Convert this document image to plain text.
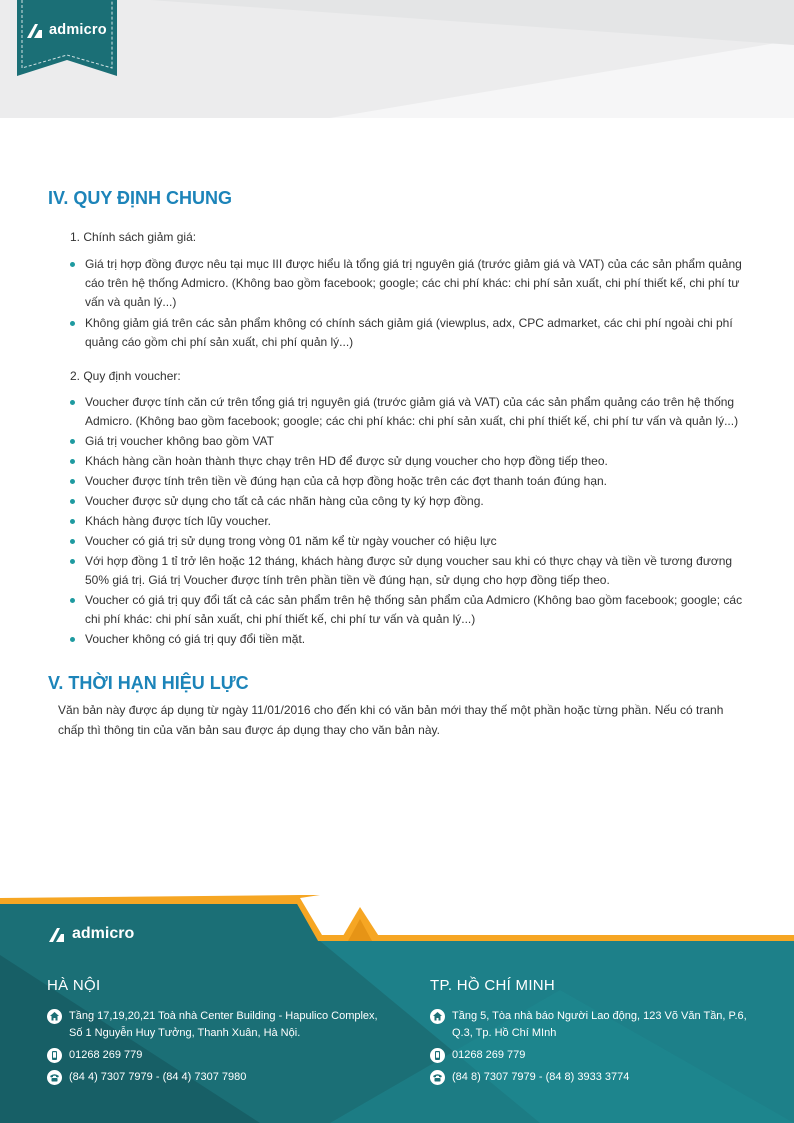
admicro
IV. QUY ĐỊNH CHUNG
1. Chính sách giảm giá:
Giá trị hợp đồng được nêu tại mục III được hiểu là tổng giá trị nguyên giá (trước giảm giá và VAT) của các sản phẩm quảng cáo trên hệ thống Admicro. (Không bao gồm facebook; google; các chi phí khác: chi phí sản xuất, chi phí thiết kế, chi phí tư vấn và quản lý...)
Không giảm giá trên các sản phẩm không có chính sách giảm giá (viewplus, adx, CPC admarket, các chi phí ngoài chi phí quảng cáo gồm chi phí sản xuất, chi phí quản lý...)
2. Quy định voucher:
Voucher được tính căn cứ trên tổng giá trị nguyên giá (trước giảm giá và VAT) của các sản phẩm quảng cáo trên hệ thống Admicro. (Không bao gồm facebook; google; các chi phí khác: chi phí sản xuất, chi phí thiết kế, chi phí tư vấn và quản lý...)
Giá trị voucher không bao gồm VAT
Khách hàng cần hoàn thành thực chạy trên HD để được sử dụng voucher cho hợp đồng tiếp theo.
Voucher được tính trên tiền về đúng hạn của cả hợp đồng hoặc trên các đợt thanh toán đúng hạn.
Voucher được sử dụng cho tất cả các nhãn hàng của công ty ký hợp đồng.
Khách hàng được tích lũy voucher.
Voucher có giá trị sử dụng trong vòng 01 năm kể từ ngày voucher có hiệu lực
Với hợp đồng 1 tỉ trở lên hoặc 12 tháng, khách hàng được sử dụng voucher sau khi có thực chạy và tiền về tương đương 50% giá trị. Giá trị Voucher được tính trên phần tiền về đúng hạn, sử dụng cho hợp đồng tiếp theo.
Voucher có giá trị quy đổi tất cả các sản phẩm trên hệ thống sản phẩm của Admicro (Không bao gồm facebook; google; các chi phí khác: chi phí sản xuất, chi phí thiết kế, chi phí tư vấn và quản lý...)
Voucher không có giá trị quy đổi tiền mặt.
V. THỜI HẠN HIỆU LỰC
Văn bản này được áp dụng từ ngày 11/01/2016 cho đến khi có văn bản mới thay thế một phần hoặc từng phần. Nếu có tranh chấp thì thông tin của văn bản sau được áp dụng thay cho văn bản này.
admicro
HÀ NỘI
Tầng 17,19,20,21 Toà nhà Center Building - Hapulico Complex,
Số 1 Nguyễn Huy Tưởng, Thanh Xuân, Hà Nội.
01268 269 779
(84 4) 7307 7979 - (84 4) 7307 7980
TP. HỒ CHÍ MINH
Tầng 5, Tòa nhà báo Người Lao động, 123 Võ Văn Tần, P.6,
Q.3, Tp. Hồ Chí MInh
01268 269 779
(84 8) 7307 7979 - (84 8) 3933 3774
